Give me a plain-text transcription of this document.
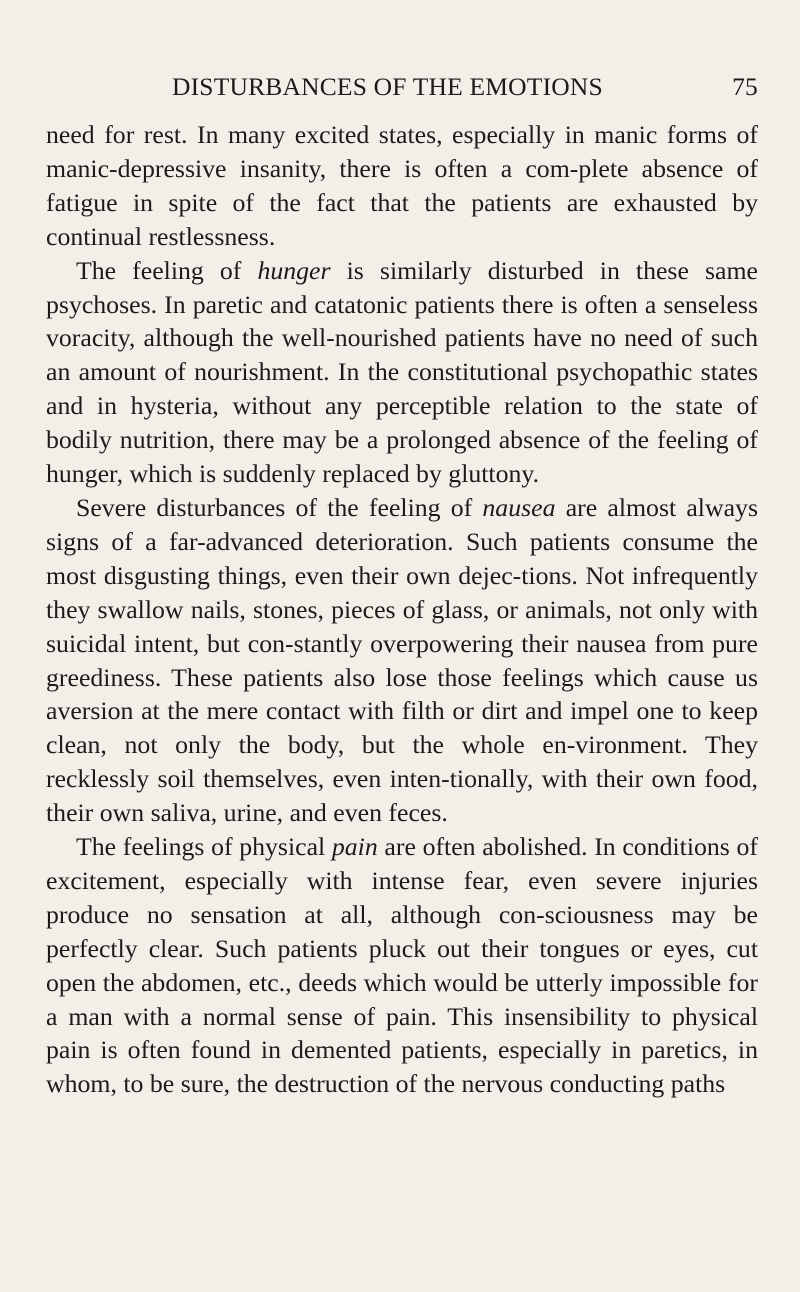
DISTURBANCES OF THE EMOTIONS	75

need for rest. In many excited states, especially in manic forms of manic-depressive insanity, there is often a com-plete absence of fatigue in spite of the fact that the patients are exhausted by continual restlessness.

The feeling of hunger is similarly disturbed in these same psychoses. In paretic and catatonic patients there is often a senseless voracity, although the well-nourished patients have no need of such an amount of nourishment. In the constitutional psychopathic states and in hysteria, without any perceptible relation to the state of bodily nutrition, there may be a prolonged absence of the feeling of hunger, which is suddenly replaced by gluttony.

Severe disturbances of the feeling of nausea are almost always signs of a far-advanced deterioration. Such patients consume the most disgusting things, even their own dejec-tions. Not infrequently they swallow nails, stones, pieces of glass, or animals, not only with suicidal intent, but con-stantly overpowering their nausea from pure greediness. These patients also lose those feelings which cause us aversion at the mere contact with filth or dirt and impel one to keep clean, not only the body, but the whole en-vironment. They recklessly soil themselves, even inten-tionally, with their own food, their own saliva, urine, and even feces.

The feelings of physical pain are often abolished. In conditions of excitement, especially with intense fear, even severe injuries produce no sensation at all, although con-sciousness may be perfectly clear. Such patients pluck out their tongues or eyes, cut open the abdomen, etc., deeds which would be utterly impossible for a man with a normal sense of pain. This insensibility to physical pain is often found in demented patients, especially in paretics, in whom, to be sure, the destruction of the nervous conducting paths
